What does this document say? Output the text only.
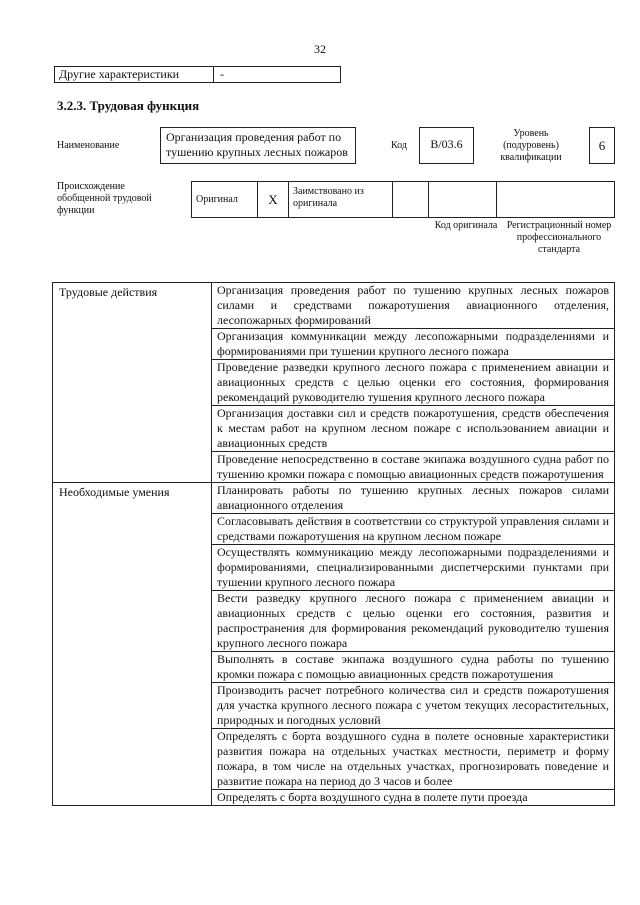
32
Другие характеристики	-
3.2.3. Трудовая функция
Наименование
Организация проведения работ по тушению крупных лесных пожаров	Код	B/03.6
Уровень (подуровень) квалификации
6
Происхождение обобщенной трудовой функции
Оригинал	X
Заимствовано из оригинала
Код оригинала Регистрационный номер профессионального стандарта
Трудовые действия	Организация проведения работ по тушению крупных лесных пожаров силами и средствами пожаротушения авиационного отделения, лесопожарных формирований
Организация коммуникации между лесопожарными подразделениями и формированиями при тушении крупного лесного пожара
Проведение разведки крупного лесного пожара с применением авиации и авиационных средств с целью оценки его состояния, формирования рекомендаций руководителю тушения крупного лесного пожара
Организация доставки сил и средств пожаротушения, средств обеспечения к местам работ на крупном лесном пожаре с использованием авиации и авиационных средств
Проведение непосредственно в составе экипажа воздушного судна работ по тушению кромки пожара с помощью авиационных средств пожаротушения
Необходимые умения	Планировать работы по тушению крупных лесных пожаров силами авиационного отделения
Согласовывать действия в соответствии со структурой управления силами и средствами пожаротушения на крупном лесном пожаре
Осуществлять коммуникацию между лесопожарными подразделениями и формированиями, специализированными диспетчерскими пунктами при тушении крупного лесного пожара
Вести разведку крупного лесного пожара с применением авиации и авиационных средств с целью оценки его состояния, развития и распространения для формирования рекомендаций руководителю тушения крупного лесного пожара
Выполнять в составе экипажа воздушного судна работы по тушению кромки пожара с помощью авиационных средств пожаротушения
Производить расчет потребного количества сил и средств пожаротушения для участка крупного лесного пожара с учетом текущих лесорастительных, природных и погодных условий
Определять с борта воздушного судна в полете основные характеристики развития пожара на отдельных участках местности, периметр и форму пожара, в том числе на отдельных участках, прогнозировать поведение и развитие пожара на период до 3 часов и более
Определять с борта воздушного судна в полете пути проезда
